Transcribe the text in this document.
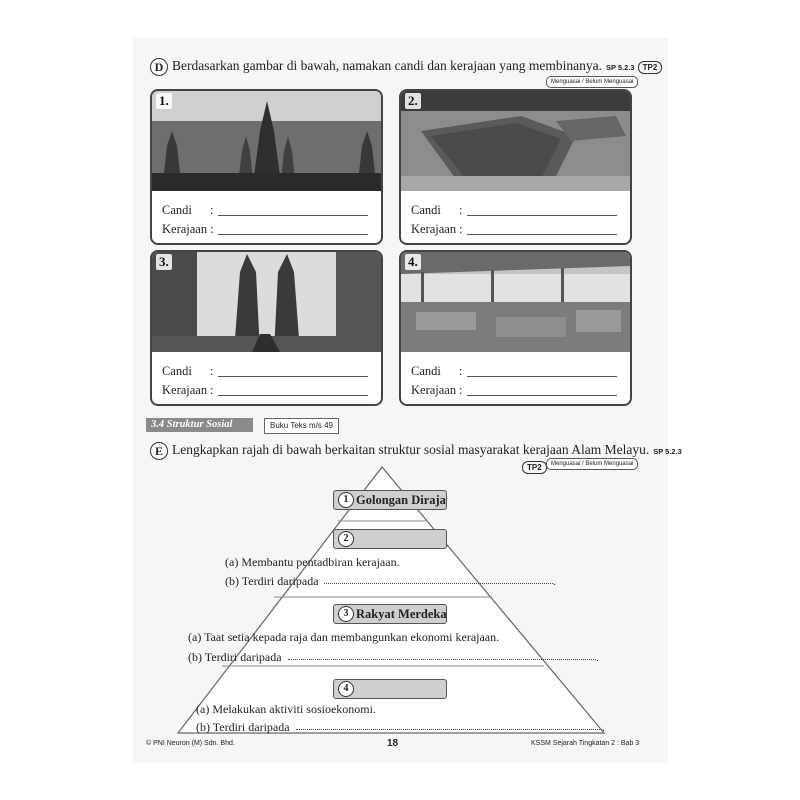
D Berdasarkan gambar di bawah, namakan candi dan kerajaan yang membinanya. SP 5.2.3 TP2
Menguasai / Belum Menguasai
1.
Candi :
Kerajaan :
2.
Candi :
Kerajaan :
3.
Candi :
Kerajaan :
4.
Candi :
Kerajaan :
3.4 Struktur Sosial	Buku Teks m/s 49
E Lengkapkan rajah di bawah berkaitan struktur sosial masyarakat kerajaan Alam Melayu. SP 5.2.3
TP2	Menguasai / Belum Menguasai
1 Golongan Diraja
2
(a) Membantu pentadbiran kerajaan.
(b) Terdiri daripada	.
3 Rakyat Merdeka
(a) Taat setia kepada raja dan membangunkan ekonomi kerajaan.
(b) Terdiri daripada	.
4
(a) Melakukan aktiviti sosioekonomi.
(b) Terdiri daripada	.
© PNI Neuron (M) Sdn. Bhd.	18	KSSM Sejarah Tingkatan 2 : Bab 3
